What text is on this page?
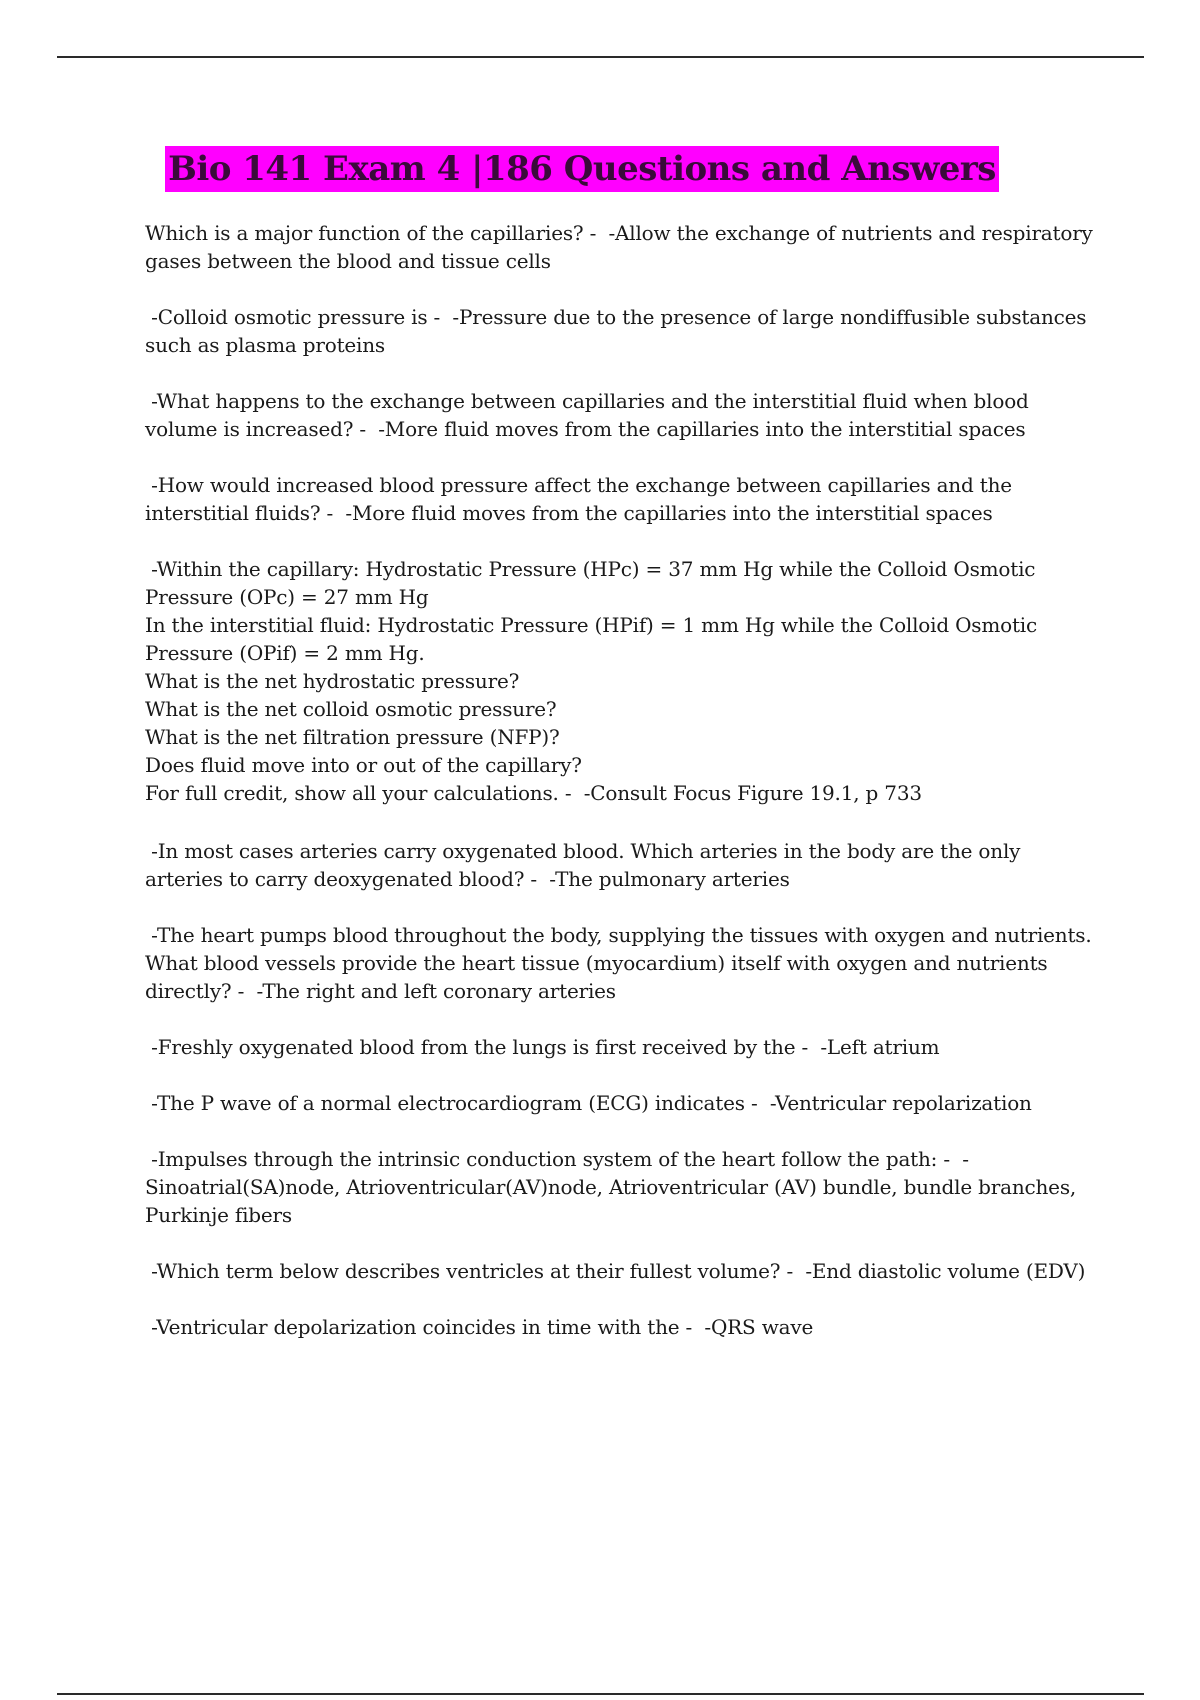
Bio 141 Exam 4 |186 Questions and Answers

Which is a major function of the capillaries? -  -Allow the exchange of nutrients and respiratory gases between the blood and tissue cells

-Colloid osmotic pressure is -  -Pressure due to the presence of large nondiffusible substances such as plasma proteins

-What happens to the exchange between capillaries and the interstitial fluid when blood volume is increased? -  -More fluid moves from the capillaries into the interstitial spaces

-How would increased blood pressure affect the exchange between capillaries and the interstitial fluids? -  -More fluid moves from the capillaries into the interstitial spaces

-Within the capillary: Hydrostatic Pressure (HPc) = 37 mm Hg while the Colloid Osmotic Pressure (OPc) = 27 mm Hg
In the interstitial fluid: Hydrostatic Pressure (HPif) = 1 mm Hg while the Colloid Osmotic Pressure (OPif) = 2 mm Hg.
What is the net hydrostatic pressure?
What is the net colloid osmotic pressure?
What is the net filtration pressure (NFP)?
Does fluid move into or out of the capillary?
For full credit, show all your calculations. -  -Consult Focus Figure 19.1, p 733

-In most cases arteries carry oxygenated blood. Which arteries in the body are the only arteries to carry deoxygenated blood? -  -The pulmonary arteries

-The heart pumps blood throughout the body, supplying the tissues with oxygen and nutrients. What blood vessels provide the heart tissue (myocardium) itself with oxygen and nutrients directly? -  -The right and left coronary arteries

-Freshly oxygenated blood from the lungs is first received by the -  -Left atrium

-The P wave of a normal electrocardiogram (ECG) indicates -  -Ventricular repolarization

-Impulses through the intrinsic conduction system of the heart follow the path: -  -Sinoatrial(SA)node, Atrioventricular(AV)node, Atrioventricular (AV) bundle, bundle branches, Purkinje fibers

-Which term below describes ventricles at their fullest volume? -  -End diastolic volume (EDV)

-Ventricular depolarization coincides in time with the -  -QRS wave
